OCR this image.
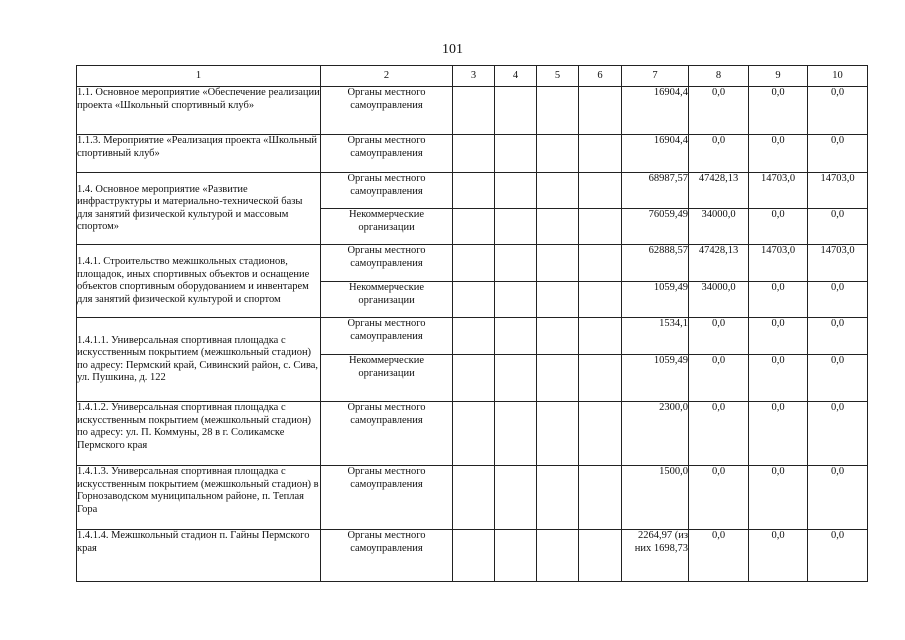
101
1	2	3	4	5	6	7	8	9	10
1.1. Основное мероприятие «Обеспечение реализации проекта «Школьный спортивный клуб»	Органы местного самоуправления					16904,4	0,0	0,0	0,0
1.1.3. Мероприятие «Реализация проекта «Школьный спортивный клуб»	Органы местного самоуправления					16904,4	0,0	0,0	0,0
1.4. Основное мероприятие «Развитие инфраструктуры и материально-технической базы для занятий физической культурой и массовым спортом»	Органы местного самоуправления					68987,57	47428,13	14703,0	14703,0
	Некоммерческие организации					76059,49	34000,0	0,0	0,0
1.4.1. Строительство межшкольных стадионов, площадок, иных спортивных объектов и оснащение объектов спортивным оборудованием и инвентарем для занятий физической культурой и спортом	Органы местного самоуправления					62888,57	47428,13	14703,0	14703,0
	Некоммерческие организации					1059,49	34000,0	0,0	0,0
1.4.1.1. Универсальная спортивная площадка с искусственным покрытием (межшкольный стадион) по адресу: Пермский край, Сивинский район, с. Сива, ул. Пушкина, д. 122	Органы местного самоуправления					1534,1	0,0	0,0	0,0
	Некоммерческие организации					1059,49	0,0	0,0	0,0
1.4.1.2. Универсальная спортивная площадка с искусственным покрытием (межшкольный стадион) по адресу: ул. П. Коммуны, 28 в г. Соликамске Пермского края	Органы местного самоуправления					2300,0	0,0	0,0	0,0
1.4.1.3. Универсальная спортивная площадка с искусственным покрытием (межшкольный стадион) в Горнозаводском муниципальном районе, п. Теплая Гора	Органы местного самоуправления					1500,0	0,0	0,0	0,0
1.4.1.4. Межшкольный стадион п. Гайны Пермского края	Органы местного самоуправления					2264,97 (из них 1698,73	0,0	0,0	0,0
